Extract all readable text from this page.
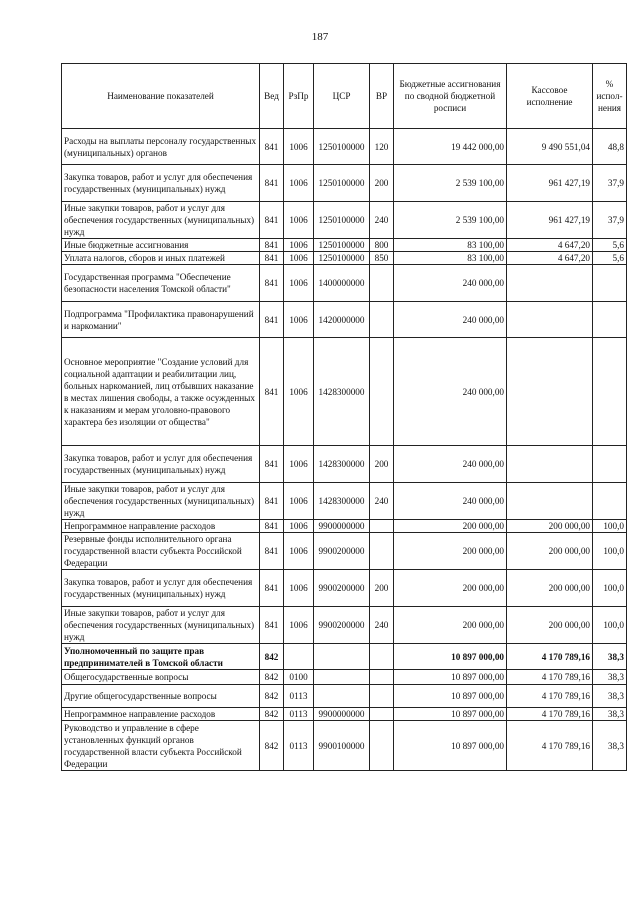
187
Наименование показателей	Вед	РзПр	ЦСР	ВР	Бюджетные ассигнования по сводной бюджетной росписи	Кассовое исполнение	% испол-нения
Расходы на выплаты персоналу государственных (муниципальных) органов	841	1006	1250100000	120	19 442 000,00	9 490 551,04	48,8
Закупка товаров, работ и услуг для обеспечения государственных (муниципальных) нужд	841	1006	1250100000	200	2 539 100,00	961 427,19	37,9
Иные закупки товаров, работ и услуг для обеспечения государственных (муниципальных) нужд	841	1006	1250100000	240	2 539 100,00	961 427,19	37,9
Иные бюджетные ассигнования	841	1006	1250100000	800	83 100,00	4 647,20	5,6
Уплата налогов, сборов и иных платежей	841	1006	1250100000	850	83 100,00	4 647,20	5,6
Государственная программа "Обеспечение безопасности населения Томской области"	841	1006	1400000000		240 000,00		
Подпрограмма "Профилактика правонарушений и наркомании"	841	1006	1420000000		240 000,00		
Основное мероприятие "Создание условий для социальной адаптации и реабилитации лиц, больных наркоманией, лиц отбывших наказание в местах лишения свободы, а также осужденных к наказаниям и мерам уголовно-правового характера без изоляции от общества"	841	1006	1428300000		240 000,00		
Закупка товаров, работ и услуг для обеспечения государственных (муниципальных) нужд	841	1006	1428300000	200	240 000,00		
Иные закупки товаров, работ и услуг для обеспечения государственных (муниципальных) нужд	841	1006	1428300000	240	240 000,00		
Непрограммное направление расходов	841	1006	9900000000		200 000,00	200 000,00	100,0
Резервные фонды исполнительного органа государственной власти субъекта Российской Федерации	841	1006	9900200000		200 000,00	200 000,00	100,0
Закупка товаров, работ и услуг для обеспечения государственных (муниципальных) нужд	841	1006	9900200000	200	200 000,00	200 000,00	100,0
Иные закупки товаров, работ и услуг для обеспечения государственных (муниципальных) нужд	841	1006	9900200000	240	200 000,00	200 000,00	100,0
Уполномоченный по защите прав предпринимателей в Томской области	842				10 897 000,00	4 170 789,16	38,3
Общегосударственные вопросы	842	0100			10 897 000,00	4 170 789,16	38,3
Другие общегосударственные вопросы	842	0113			10 897 000,00	4 170 789,16	38,3
Непрограммное направление расходов	842	0113	9900000000		10 897 000,00	4 170 789,16	38,3
Руководство и управление в сфере установленных функций органов государственной власти субъекта Российской Федерации	842	0113	9900100000		10 897 000,00	4 170 789,16	38,3
